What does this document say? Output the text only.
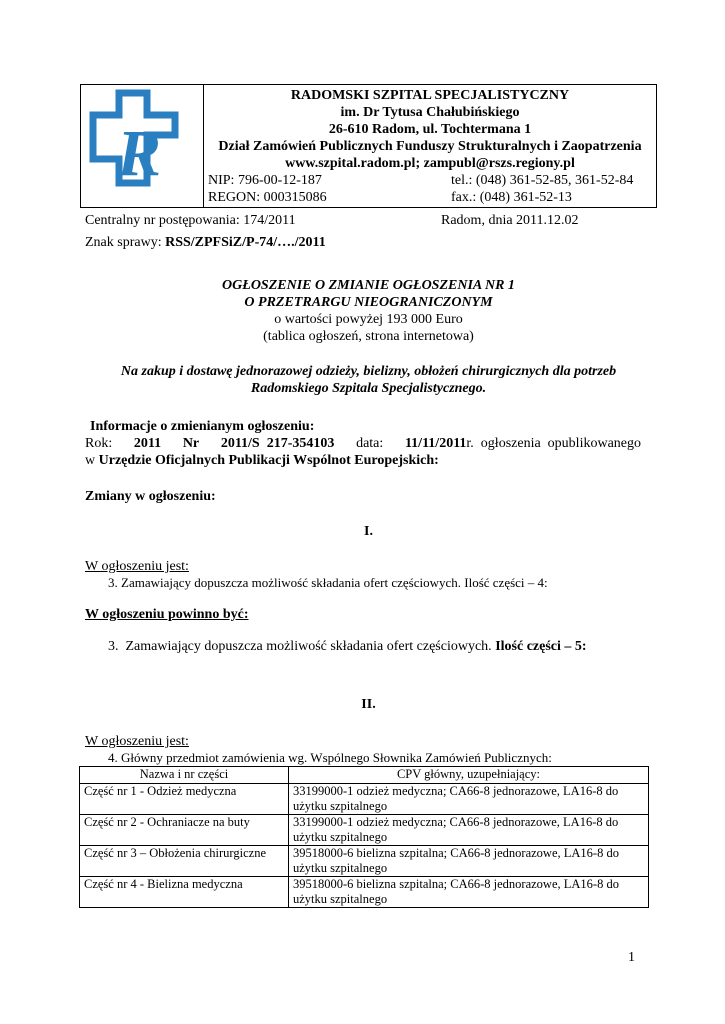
R
RADOMSKI SZPITAL SPECJALISTYCZNY
im. Dr Tytusa Chałubińskiego
26-610 Radom, ul. Tochtermana 1
Dział Zamówień Publicznych Funduszy Strukturalnych i Zaopatrzenia
www.szpital.radom.pl; zampubl@rszs.regiony.pl
NIP: 796-00-12-187	tel.: (048) 361-52-85, 361-52-84
REGON: 000315086	fax.: (048) 361-52-13
Centralny nr postępowania: 174/2011	Radom, dnia 2011.12.02
Znak sprawy: RSS/ZPFSiZ/P-74/…./2011
OGŁOSZENIE O ZMIANIE OGŁOSZENIA NR 1
O PRZETRARGU NIEOGRANICZONYM
o wartości powyżej 193 000 Euro
(tablica ogłoszeń, strona internetowa)
Na zakup i dostawę jednorazowej odzieży, bielizny, obłożeń chirurgicznych dla potrzeb
Radomskiego Szpitala Specjalistycznego.
Informacje o zmienianym ogłoszeniu:
Rok: 2011 Nr 2011/S  217-354103 data: 11/11/2011r.  ogłoszenia  opublikowanego
w Urzędzie Oficjalnych Publikacji Wspólnot Europejskich:
Zmiany w ogłoszeniu:
I.
W ogłoszeniu jest:
3. Zamawiający dopuszcza możliwość składania ofert częściowych. Ilość części – 4:
W ogłoszeniu powinno być:
3.  Zamawiający dopuszcza możliwość składania ofert częściowych. Ilość części – 5:
II.
W ogłoszeniu jest:
4. Główny przedmiot zamówienia wg. Wspólnego Słownika Zamówień Publicznych:
Nazwa i nr części	CPV główny, uzupełniający:
Część nr 1 - Odzież medyczna	33199000-1 odzież medyczna; CA66-8 jednorazowe, LA16-8 do użytku szpitalnego
Część nr 2 - Ochraniacze na buty	33199000-1 odzież medyczna; CA66-8 jednorazowe, LA16-8 do użytku szpitalnego
Część nr 3 – Obłożenia chirurgiczne	39518000-6 bielizna szpitalna; CA66-8 jednorazowe, LA16-8 do użytku szpitalnego
Część nr 4 - Bielizna medyczna	39518000-6 bielizna szpitalna; CA66-8 jednorazowe, LA16-8 do użytku szpitalnego
1
